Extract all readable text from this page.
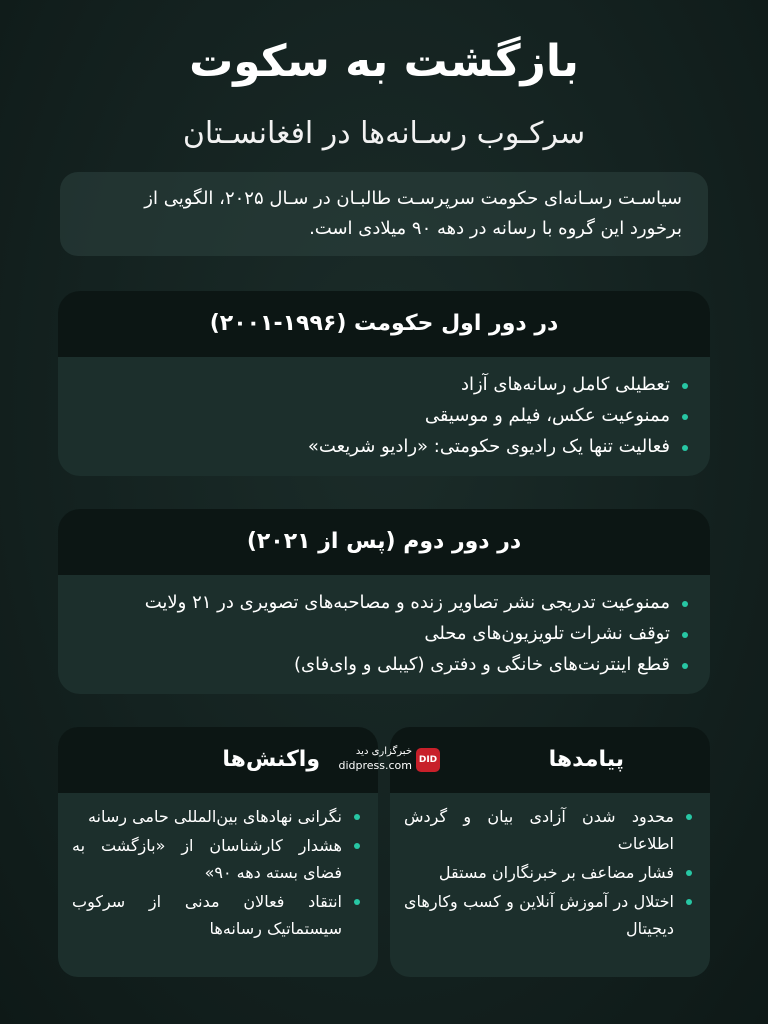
بازگشت به سکوت
سرکـوب رسـانه‌ها در افغانسـتان
سیاسـت رسـانه‌ای حکومت سرپرسـت طالبـان در سـال ۲۰۲۵، الگویی از
برخورد این گروه با رسانه در دهه ۹۰ میلادی است.
در دور اول حکومت (۱۹۹۶-۲۰۰۱)
تعطیلی کامل رسانه‌های آزاد
ممنوعیت عکس، فیلم و موسیقی
فعالیت تنها یک رادیوی حکومتی: «رادیو شریعت»
در دور دوم (پس از ۲۰۲۱)
ممنوعیت تدریجی نشر تصاویر زنده و مصاحبه‌های تصویری در ۲۱ ولایت
توقف نشرات تلویزیون‌های محلی
قطع اینترنت‌های خانگی و دفتری (کیبلی و وای‌فای)
پیامدها
محدود شدن آزادی بیان و گردش اطلاعات
فشار مضاعف بر خبرنگاران مستقل
اختلال در آموزش آنلاین و کسب وکارهای دیجیتال
واکنش‌ها
نگرانی نهادهای بین‌المللی حامی رسانه
هشدار کارشناسان از «بازگشت به فضای بسته دهه ۹۰»
انتقاد فعالان مدنی از سرکوب سیستماتیک رسانه‌ها
DID
خبرگزاری دید
didpress.com
